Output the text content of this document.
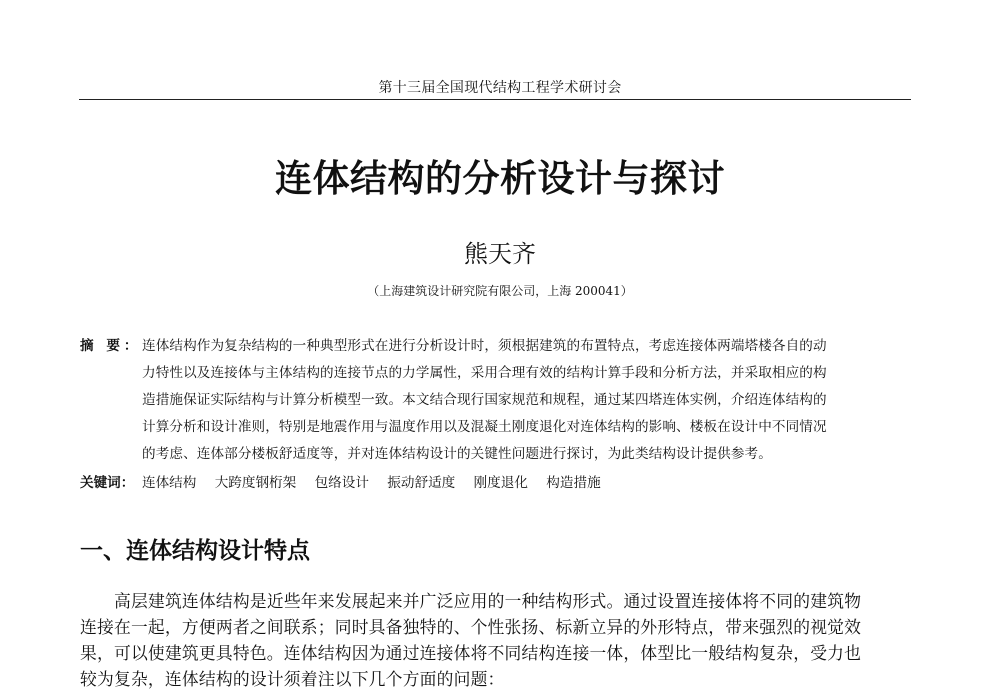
第十三届全国现代结构工程学术研讨会
连体结构的分析设计与探讨
熊天齐
（上海建筑设计研究院有限公司，上海 200041）
摘 要： 连体结构作为复杂结构的一种典型形式在进行分析设计时，须根据建筑的布置特点，考虑连接体两端塔楼各自的动
力特性以及连接体与主体结构的连接节点的力学属性，采用合理有效的结构计算手段和分析方法，并采取相应的构
造措施保证实际结构与计算分析模型一致。本文结合现行国家规范和规程，通过某四塔连体实例，介绍连体结构的
计算分析和设计准则，特别是地震作用与温度作用以及混凝土刚度退化对连体结构的影响、楼板在设计中不同情况
的考虑、连体部分楼板舒适度等，并对连体结构设计的关键性问题进行探讨，为此类结构设计提供参考。
关键词： 连体结构 大跨度钢桁架 包络设计 振动舒适度 刚度退化 构造措施
一、连体结构设计特点
高层建筑连体结构是近些年来发展起来并广泛应用的一种结构形式。通过设置连接体将不同的建筑物
连接在一起，方便两者之间联系；同时具备独特的、个性张扬、标新立异的外形特点，带来强烈的视觉效
果，可以使建筑更具特色。连体结构因为通过连接体将不同结构连接一体，体型比一般结构复杂，受力也
较为复杂，连体结构的设计须着注以下几个方面的问题：
